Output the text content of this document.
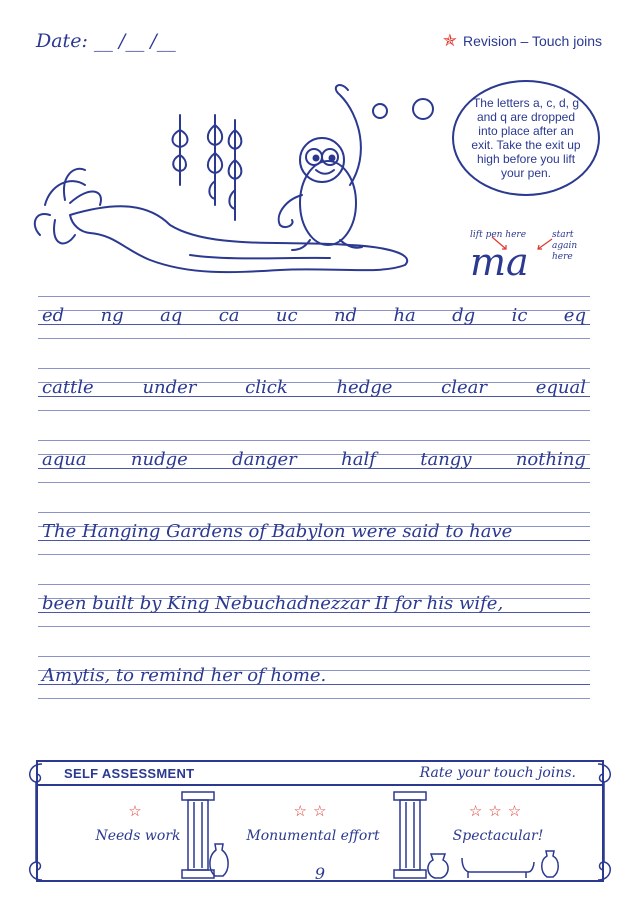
Date: __ /__ /__	✯ Revision – Touch joins
The letters a, c, d, g and q are dropped into place after an exit. Take the exit up high before you lift your pen.
lift pen here	start again here
ma
ed ng aq ca uc nd ha dg ic eq
cattle	under	click	hedge	clear	equal
aqua nudge danger half tangy nothing
The Hanging Gardens of Babylon were said to have
been built by King Nebuchadnezzar II for his wife,
Amytis, to remind her of home.
SELF ASSESSMENT	Rate your touch joins.
☆
Needs work
☆☆
Monumental effort
☆☆☆
Spectacular!
9
